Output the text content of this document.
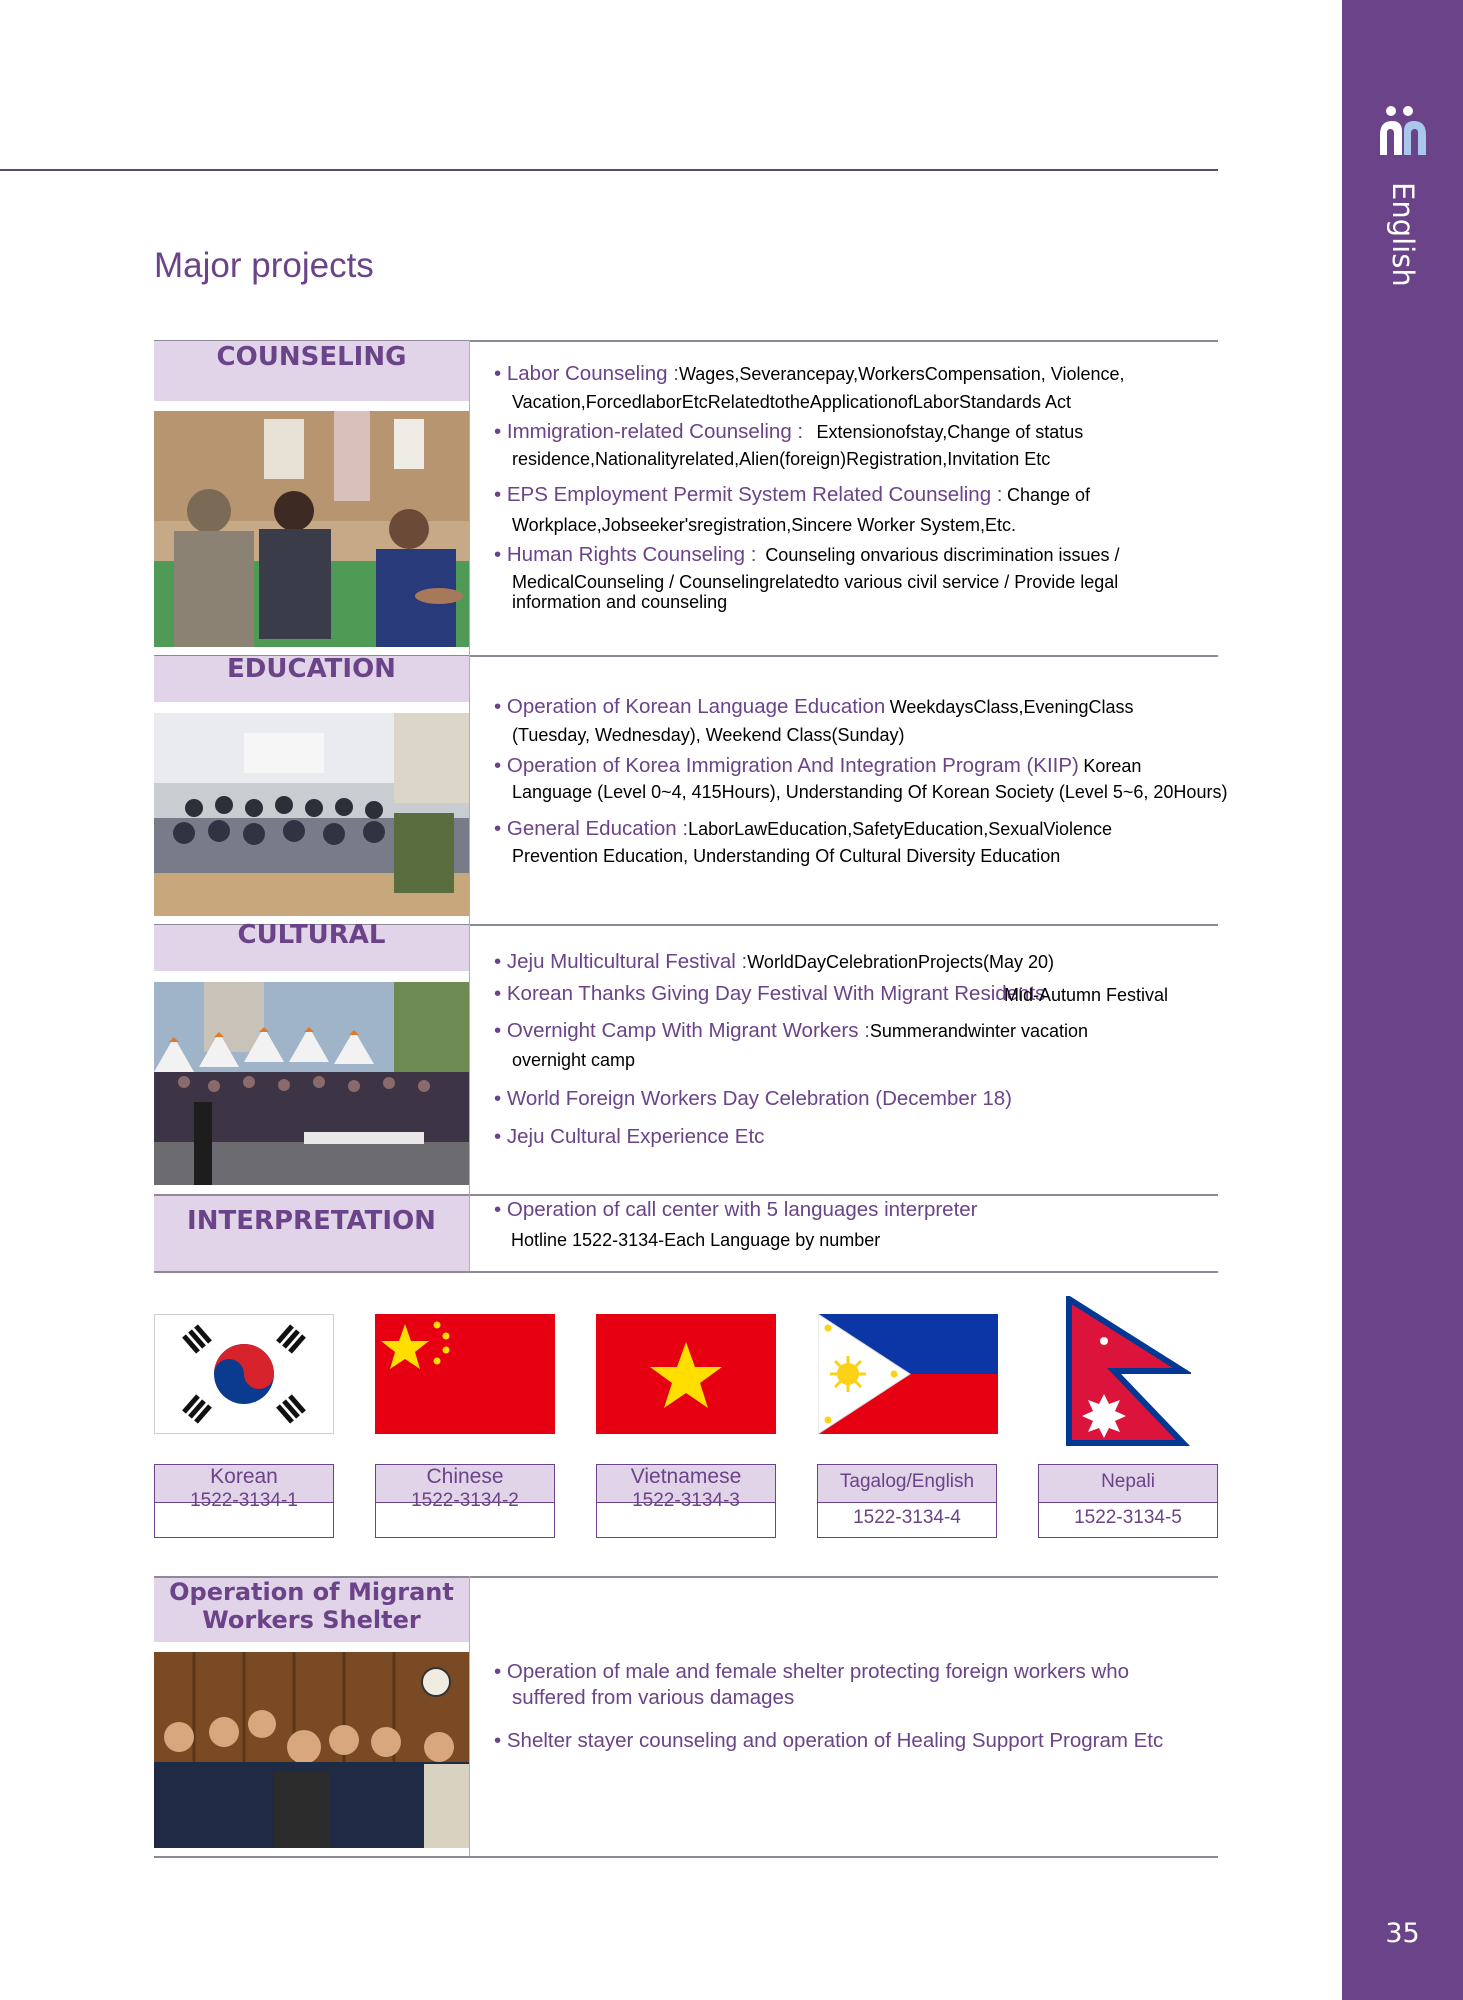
English
35
Major projects
COUNSELING
• Labor Counseling :Wages,Severancepay,WorkersCompensation, Violence,
Vacation,ForcedlaborEtcRelatedtotheApplicationofLaborStandards Act
• Immigration-related Counseling : Extensionofstay,Change of status
residence,Nationalityrelated,Alien(foreign)Registration,Invitation Etc
• EPS Employment Permit System Related Counseling : Change of
Workplace,Jobseeker'sregistration,Sincere Worker System,Etc.
• Human Rights Counseling : Counseling onvarious discrimination issues /
MedicalCounseling / Counselingrelatedto various civil service / Provide legal
information and counseling
EDUCATION
• Operation of Korean Language Education WeekdaysClass,EveningClass
(Tuesday, Wednesday), Weekend Class(Sunday)
• Operation of Korea Immigration And Integration Program (KIIP) Korean
Language (Level 0~4, 415Hours), Understanding Of Korean Society (Level 5~6, 20Hours)
• General Education :LaborLawEducation,SafetyEducation,SexualViolence
Prevention Education, Understanding Of Cultural Diversity Education
CULTURAL
• Jeju Multicultural Festival :WorldDayCelebrationProjects(May 20)
• Korean Thanks Giving Day Festival With Migrant Residents
Mid-Autumn Festival
• Overnight Camp With Migrant Workers :Summerandwinter vacation
overnight camp
• World Foreign Workers Day Celebration (December 18)
• Jeju Cultural Experience Etc
INTERPRETATION	• Operation of call center with 5 languages interpreter
Hotline 1522-3134-Each Language by number
Korean
1522-3134-1
Chinese
1522-3134-2
Vietnamese
1522-3134-3
Tagalog/English
1522-3134-4
Nepali
1522-3134-5
Operation of Migrant
Workers Shelter
• Operation of male and female shelter protecting foreign workers who
suffered from various damages
• Shelter stayer counseling and operation of Healing Support Program Etc
